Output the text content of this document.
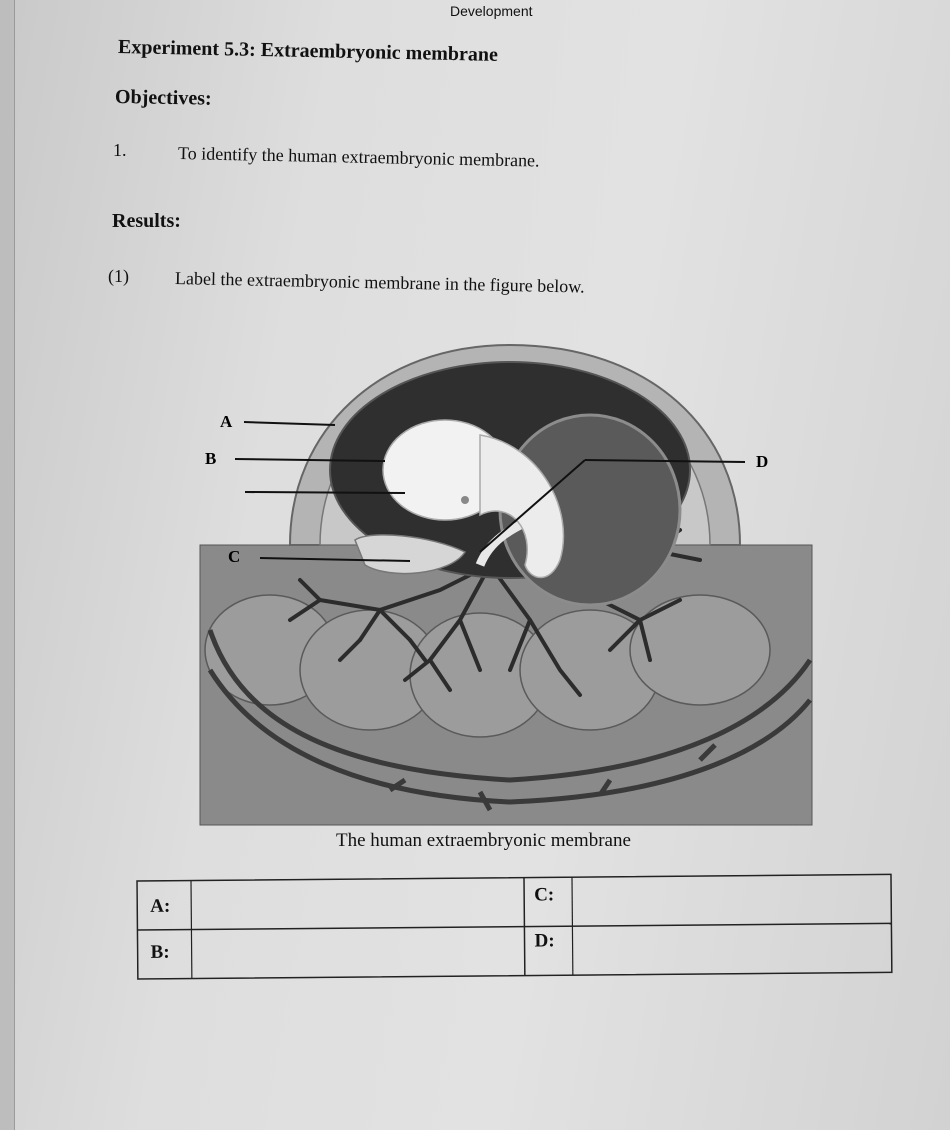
Development
Experiment 5.3: Extraembryonic membrane
Objectives:
1.	To identify the human extraembryonic membrane.
Results:
(1)	Label the extraembryonic membrane in the figure below.
A
B
C
D
The human extraembryonic membrane
A:
B:
C:
D:
